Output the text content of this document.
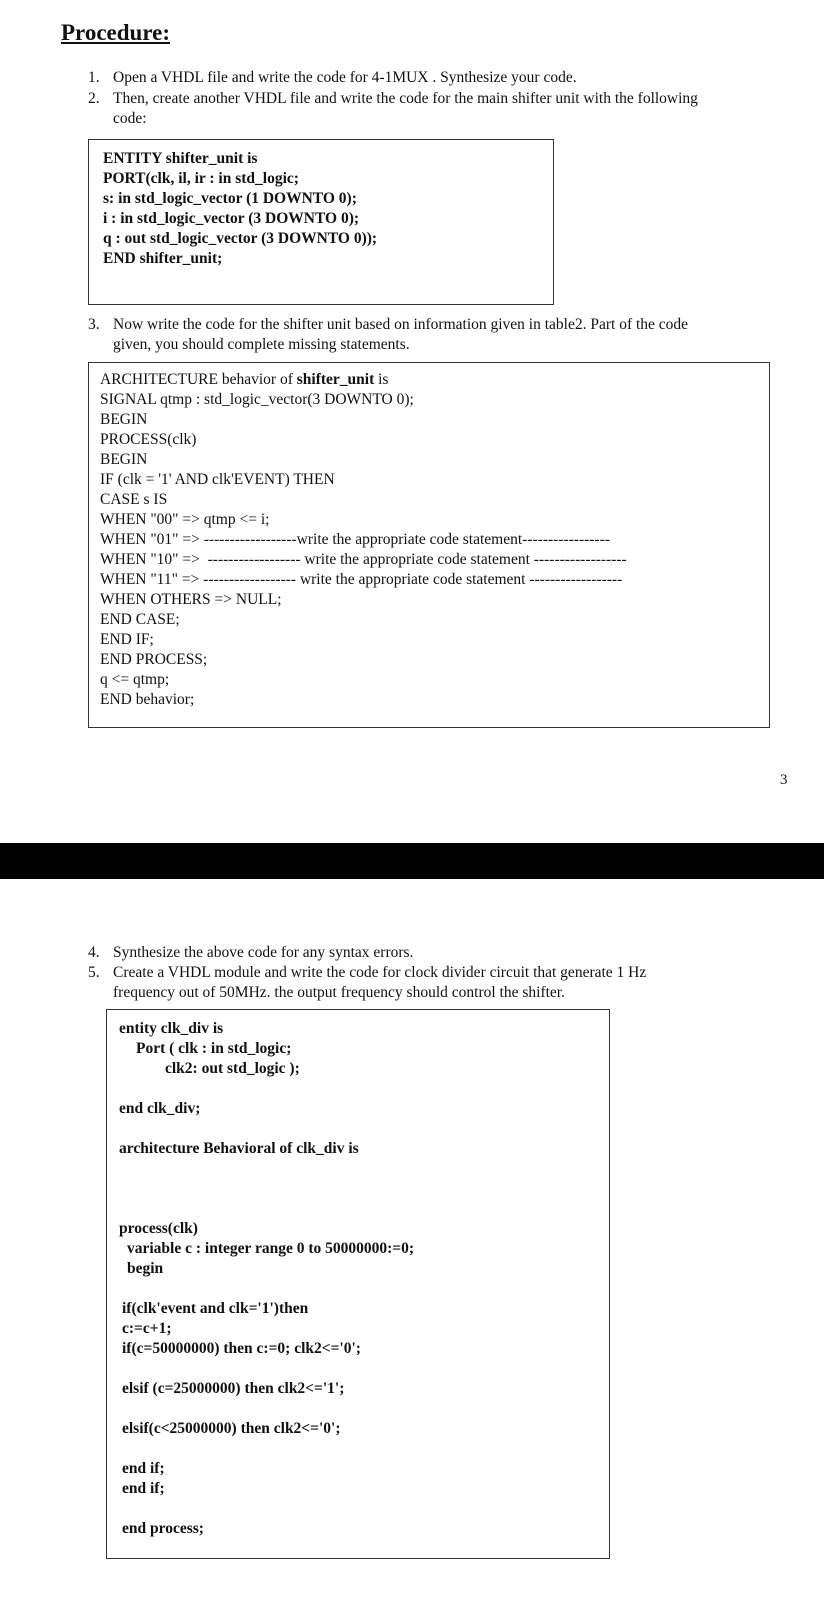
Procedure:
1. Open a VHDL file and write the code for 4-1MUX . Synthesize your code.
2. Then, create another VHDL file and write the code for the main shifter unit with the following
code:
ENTITY shifter_unit is
PORT(clk, il, ir : in std_logic;
s: in std_logic_vector (1 DOWNTO 0);
i : in std_logic_vector (3 DOWNTO 0);
q : out std_logic_vector (3 DOWNTO 0));
END shifter_unit;
3. Now write the code for the shifter unit based on information given in table2. Part of the code
given, you should complete missing statements.
ARCHITECTURE behavior of shifter_unit is
SIGNAL qtmp : std_logic_vector(3 DOWNTO 0);
BEGIN
PROCESS(clk)
BEGIN
IF (clk = '1' AND clk'EVENT) THEN
CASE s IS
WHEN "00" => qtmp <= i;
WHEN "01" => ------------------write the appropriate code statement-----------------
WHEN "10" =>  ------------------ write the appropriate code statement ------------------
WHEN "11" => ------------------ write the appropriate code statement ------------------
WHEN OTHERS => NULL;
END CASE;
END IF;
END PROCESS;
q <= qtmp;
END behavior;
3
4. Synthesize the above code for any syntax errors.
5. Create a VHDL module and write the code for clock divider circuit that generate 1 Hz
frequency out of 50MHz. the output frequency should control the shifter.
entity clk_div is
Port ( clk : in std_logic;
clk2: out std_logic );
end clk_div;
architecture Behavioral of clk_div is
process(clk)
variable c : integer range 0 to 50000000:=0;
begin
if(clk'event and clk='1')then
c:=c+1;
if(c=50000000) then c:=0; clk2<='0';
elsif (c=25000000) then clk2<='1';
elsif(c<25000000) then clk2<='0';
end if;
end if;
end process;
